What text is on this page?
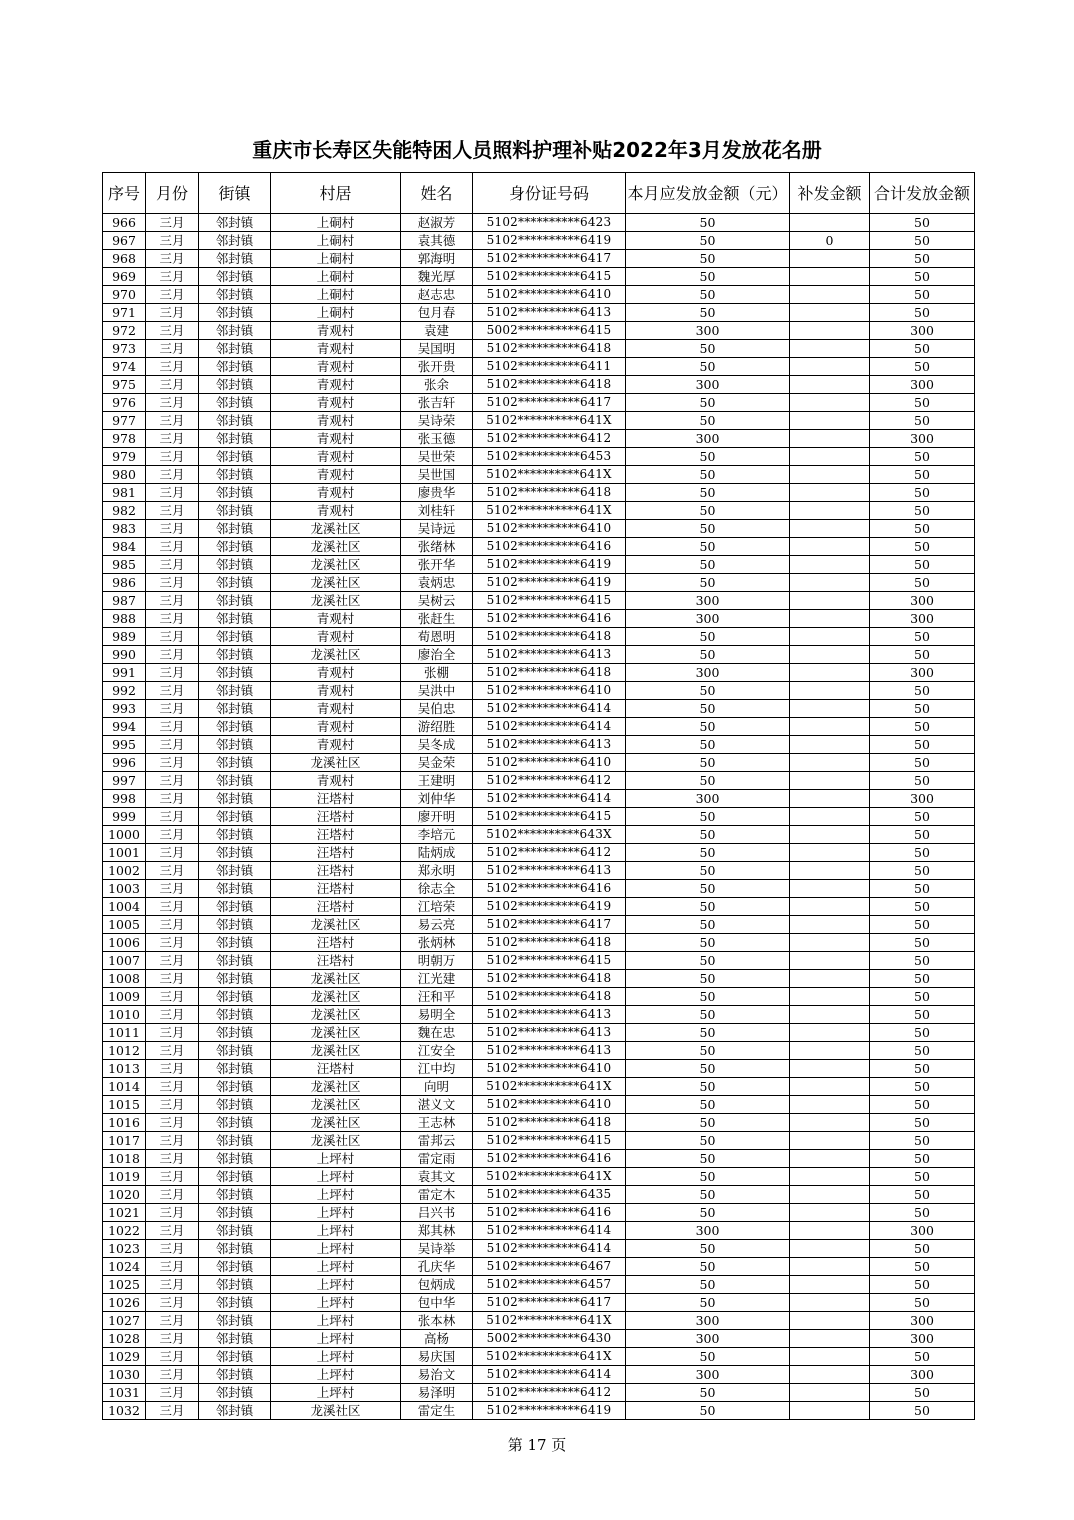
重庆市长寿区失能特困人员照料护理补贴2022年3月发放花名册
序号	月份	街镇	村居	姓名	身份证号码	本月应发放金额（元）	补发金额	合计发放金额
966	三月	邻封镇	上硐村	赵淑芳	5102**********6423	50		50
967	三月	邻封镇	上硐村	袁其德	5102**********6419	50	0	50
968	三月	邻封镇	上硐村	郭海明	5102**********6417	50		50
969	三月	邻封镇	上硐村	魏光厚	5102**********6415	50		50
970	三月	邻封镇	上硐村	赵志忠	5102**********6410	50		50
971	三月	邻封镇	上硐村	包月春	5102**********6413	50		50
972	三月	邻封镇	青观村	袁建	5002**********6415	300		300
973	三月	邻封镇	青观村	吴国明	5102**********6418	50		50
974	三月	邻封镇	青观村	张开贵	5102**********6411	50		50
975	三月	邻封镇	青观村	张余	5102**********6418	300		300
976	三月	邻封镇	青观村	张吉轩	5102**********6417	50		50
977	三月	邻封镇	青观村	吴诗荣	5102**********641X	50		50
978	三月	邻封镇	青观村	张玉德	5102**********6412	300		300
979	三月	邻封镇	青观村	吴世荣	5102**********6453	50		50
980	三月	邻封镇	青观村	吴世国	5102**********641X	50		50
981	三月	邻封镇	青观村	廖贵华	5102**********6418	50		50
982	三月	邻封镇	青观村	刘桂轩	5102**********641X	50		50
983	三月	邻封镇	龙溪社区	吴诗远	5102**********6410	50		50
984	三月	邻封镇	龙溪社区	张绪林	5102**********6416	50		50
985	三月	邻封镇	龙溪社区	张开华	5102**********6419	50		50
986	三月	邻封镇	龙溪社区	袁炳忠	5102**********6419	50		50
987	三月	邻封镇	龙溪社区	吴树云	5102**********6415	300		300
988	三月	邻封镇	青观村	张赶生	5102**********6416	300		300
989	三月	邻封镇	青观村	荀恩明	5102**********6418	50		50
990	三月	邻封镇	龙溪社区	廖治全	5102**********6413	50		50
991	三月	邻封镇	青观村	张棚	5102**********6418	300		300
992	三月	邻封镇	青观村	吴洪中	5102**********6410	50		50
993	三月	邻封镇	青观村	吴伯忠	5102**********6414	50		50
994	三月	邻封镇	青观村	游绍胜	5102**********6414	50		50
995	三月	邻封镇	青观村	吴冬成	5102**********6413	50		50
996	三月	邻封镇	龙溪社区	吴金荣	5102**********6410	50		50
997	三月	邻封镇	青观村	王建明	5102**********6412	50		50
998	三月	邻封镇	汪塔村	刘仲华	5102**********6414	300		300
999	三月	邻封镇	汪塔村	廖开明	5102**********6415	50		50
1000	三月	邻封镇	汪塔村	李培元	5102**********643X	50		50
1001	三月	邻封镇	汪塔村	陆炳成	5102**********6412	50		50
1002	三月	邻封镇	汪塔村	郑永明	5102**********6413	50		50
1003	三月	邻封镇	汪塔村	徐志全	5102**********6416	50		50
1004	三月	邻封镇	汪塔村	江培荣	5102**********6419	50		50
1005	三月	邻封镇	龙溪社区	易云亮	5102**********6417	50		50
1006	三月	邻封镇	汪塔村	张炳林	5102**********6418	50		50
1007	三月	邻封镇	汪塔村	明朝万	5102**********6415	50		50
1008	三月	邻封镇	龙溪社区	江光建	5102**********6418	50		50
1009	三月	邻封镇	龙溪社区	汪和平	5102**********6418	50		50
1010	三月	邻封镇	龙溪社区	易明全	5102**********6413	50		50
1011	三月	邻封镇	龙溪社区	魏在忠	5102**********6413	50		50
1012	三月	邻封镇	龙溪社区	江安全	5102**********6413	50		50
1013	三月	邻封镇	汪塔村	江中均	5102**********6410	50		50
1014	三月	邻封镇	龙溪社区	向明	5102**********641X	50		50
1015	三月	邻封镇	龙溪社区	湛义文	5102**********6410	50		50
1016	三月	邻封镇	龙溪社区	王志林	5102**********6418	50		50
1017	三月	邻封镇	龙溪社区	雷邦云	5102**********6415	50		50
1018	三月	邻封镇	上坪村	雷定雨	5102**********6416	50		50
1019	三月	邻封镇	上坪村	袁其文	5102**********641X	50		50
1020	三月	邻封镇	上坪村	雷定木	5102**********6435	50		50
1021	三月	邻封镇	上坪村	吕兴书	5102**********6416	50		50
1022	三月	邻封镇	上坪村	郑其林	5102**********6414	300		300
1023	三月	邻封镇	上坪村	吴诗举	5102**********6414	50		50
1024	三月	邻封镇	上坪村	孔庆华	5102**********6467	50		50
1025	三月	邻封镇	上坪村	包炳成	5102**********6457	50		50
1026	三月	邻封镇	上坪村	包中华	5102**********6417	50		50
1027	三月	邻封镇	上坪村	张本林	5102**********641X	300		300
1028	三月	邻封镇	上坪村	高杨	5002**********6430	300		300
1029	三月	邻封镇	上坪村	易庆国	5102**********641X	50		50
1030	三月	邻封镇	上坪村	易治文	5102**********6414	300		300
1031	三月	邻封镇	上坪村	易泽明	5102**********6412	50		50
1032	三月	邻封镇	龙溪社区	雷定生	5102**********6419	50		50
第 17 页
